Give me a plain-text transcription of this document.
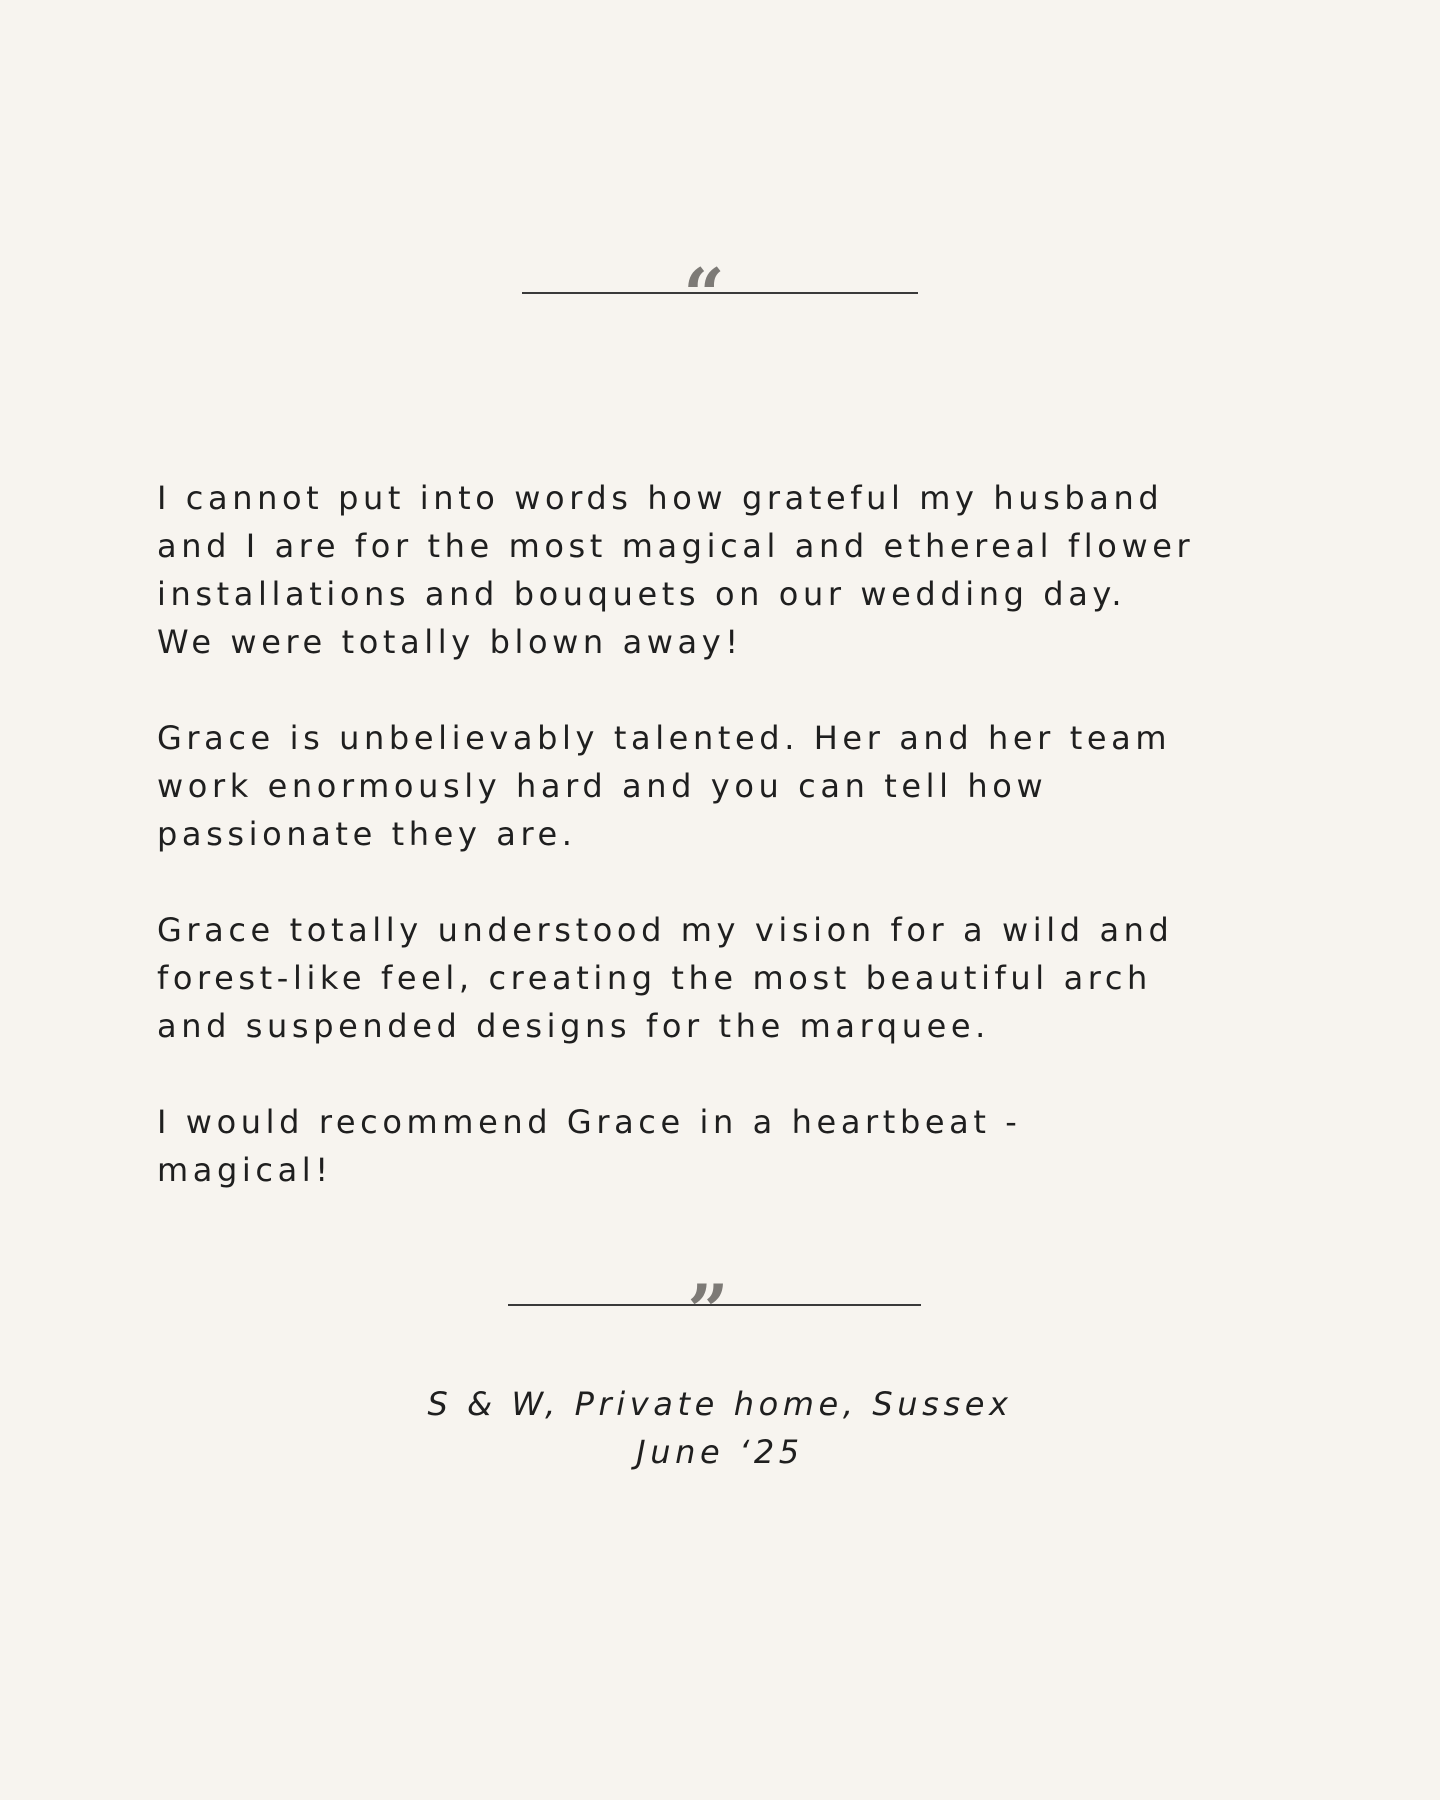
“

I cannot put into words how grateful my husband
and I are for the most magical and ethereal flower
installations and bouquets on our wedding day.
We were totally blown away!

Grace is unbelievably talented. Her and her team
work enormously hard and you can tell how
passionate they are.

Grace totally understood my vision for a wild and
forest-like feel, creating the most beautiful arch
and suspended designs for the marquee.

I would recommend Grace in a heartbeat -
magical!

”
S & W, Private home, Sussex
June ‘25
